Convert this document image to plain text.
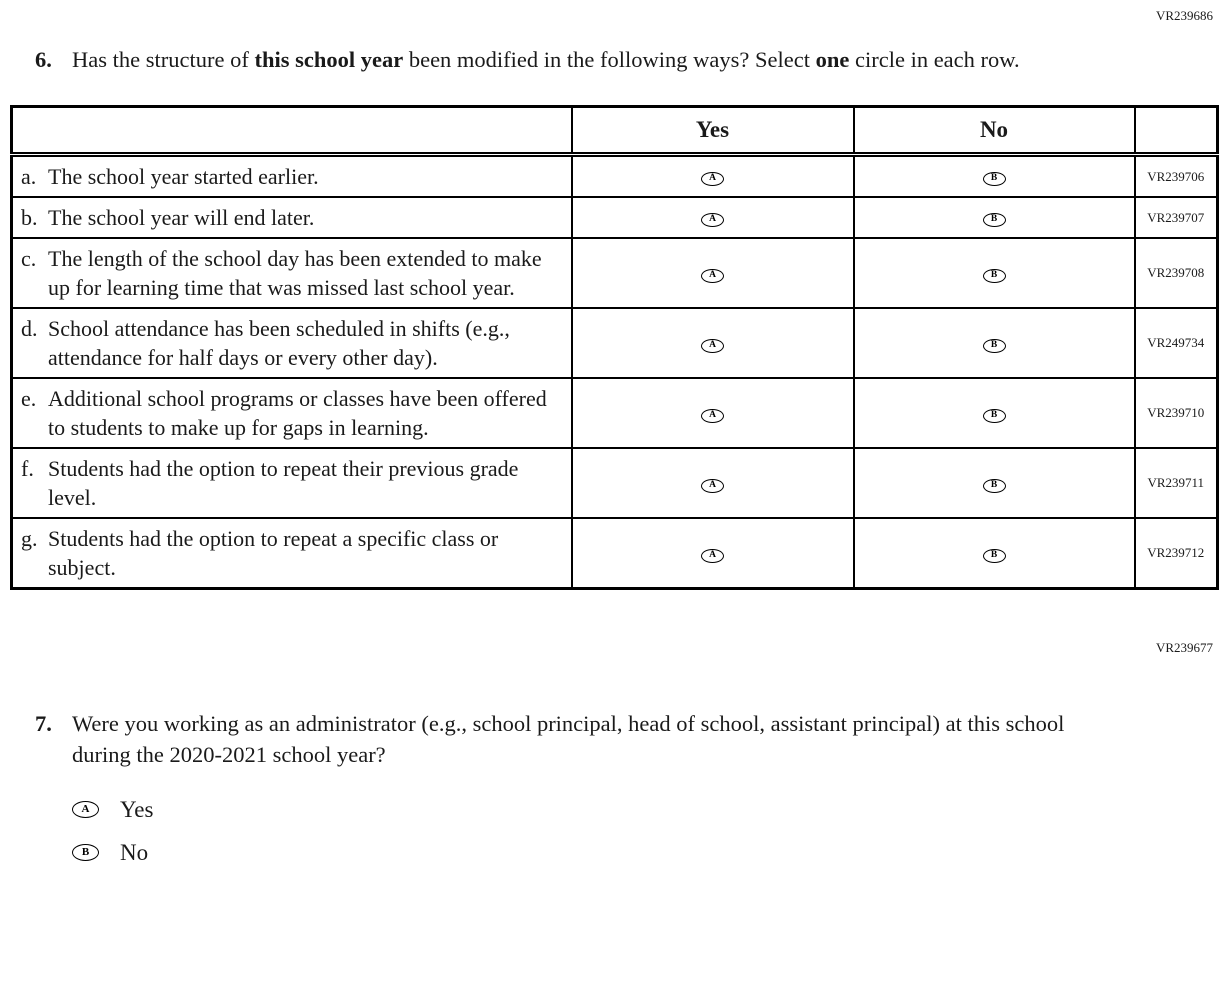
VR239686
6. Has the structure of this school year been modified in the following ways? Select one circle in each row.
	Yes	No	

a. The school year started earlier.	A	B	VR239706

b. The school year will end later.	A	B	VR239707

c. The length of the school day has been extended to make up for learning time that was missed last school year.	A	B	VR239708

d. School attendance has been scheduled in shifts (e.g., attendance for half days or every other day).	A	B	VR249734

e. Additional school programs or classes have been offered to students to make up for gaps in learning.	A	B	VR239710

f. Students had the option to repeat their previous grade level.	A	B	VR239711

g. Students had the option to repeat a specific class or subject.	A	B	VR239712
VR239677
7. Were you working as an administrator (e.g., school principal, head of school, assistant principal) at this school during the 2020-2021 school year?
A Yes
B No
